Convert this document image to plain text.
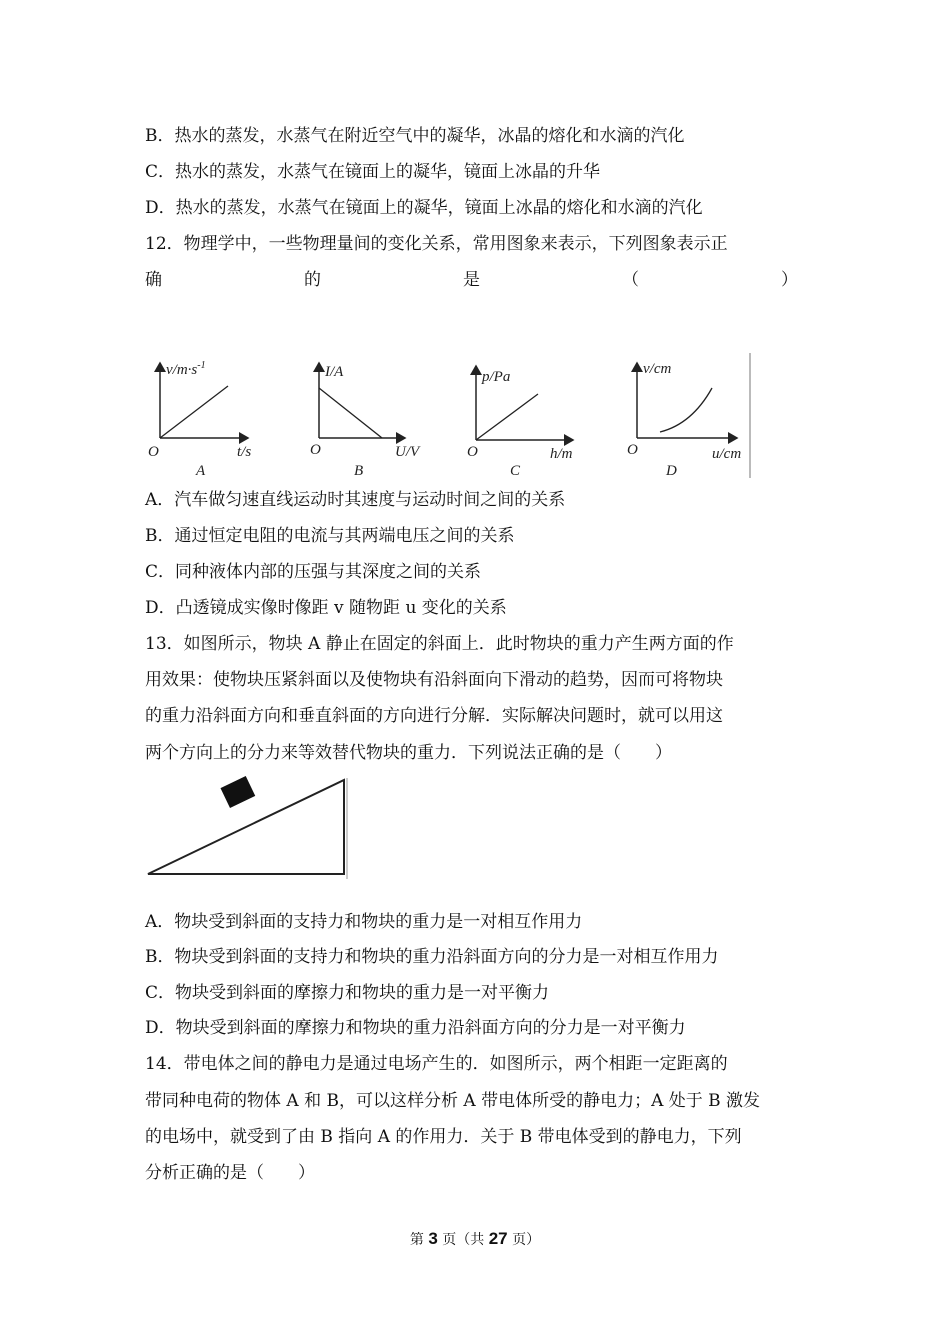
B．热水的蒸发，水蒸气在附近空气中的凝华，冰晶的熔化和水滴的汽化
C．热水的蒸发，水蒸气在镜面上的凝华，镜面上冰晶的升华
D．热水的蒸发，水蒸气在镜面上的凝华，镜面上冰晶的熔化和水滴的汽化
12．物理学中，一些物理量间的变化关系，常用图象来表示，下列图象表示正
确	的	是	（	）
$v/m\cdot s^{-1}$
O	t/s
A
I/A
O	U/V
B
p/Pa
O	h/m
C
v/cm
O	u/cm
D
A．汽车做匀速直线运动时其速度与运动时间之间的关系
B．通过恒定电阻的电流与其两端电压之间的关系
C．同种液体内部的压强与其深度之间的关系
D．凸透镜成实像时像距 v 随物距 u 变化的关系
13．如图所示，物块 A 静止在固定的斜面上．此时物块的重力产生两方面的作
用效果：使物块压紧斜面以及使物块有沿斜面向下滑动的趋势，因而可将物块
的重力沿斜面方向和垂直斜面的方向进行分解．实际解决问题时，就可以用这
两个方向上的分力来等效替代物块的重力．下列说法正确的是（　　）
A．物块受到斜面的支持力和物块的重力是一对相互作用力
B．物块受到斜面的支持力和物块的重力沿斜面方向的分力是一对相互作用力
C．物块受到斜面的摩擦力和物块的重力是一对平衡力
D．物块受到斜面的摩擦力和物块的重力沿斜面方向的分力是一对平衡力
14．带电体之间的静电力是通过电场产生的．如图所示，两个相距一定距离的
带同种电荷的物体 A 和 B，可以这样分析 A 带电体所受的静电力；A 处于 B 激发
的电场中，就受到了由 B 指向 A 的作用力．关于 B 带电体受到的静电力，下列
分析正确的是（　　）
第 3 页（共 27 页）
